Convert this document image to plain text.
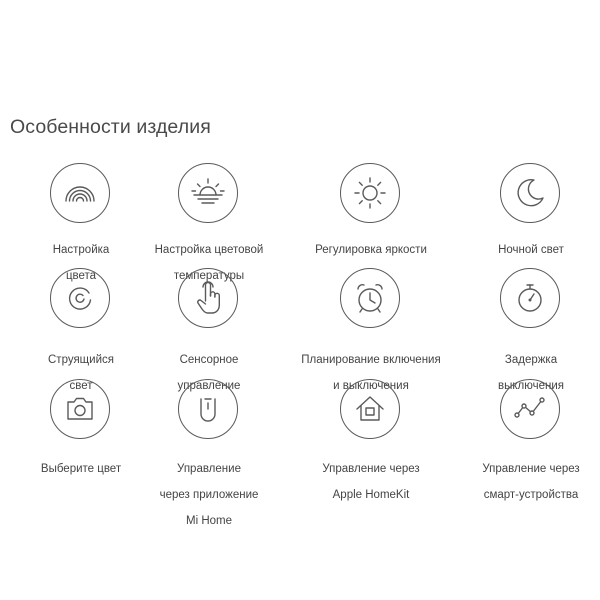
Особенности изделия

Настройка

цвета

Настройка цветовой

температуры

Регулировка яркости	Ночной свет

Струящийся

свет

Сенсорное

управление

Планирование включения

и выключения

Задержка

выключения

Выберите цвет	Управление

через приложение

Mi Home

Управление через

Apple HomeKit

Управление через

смарт-устройства
